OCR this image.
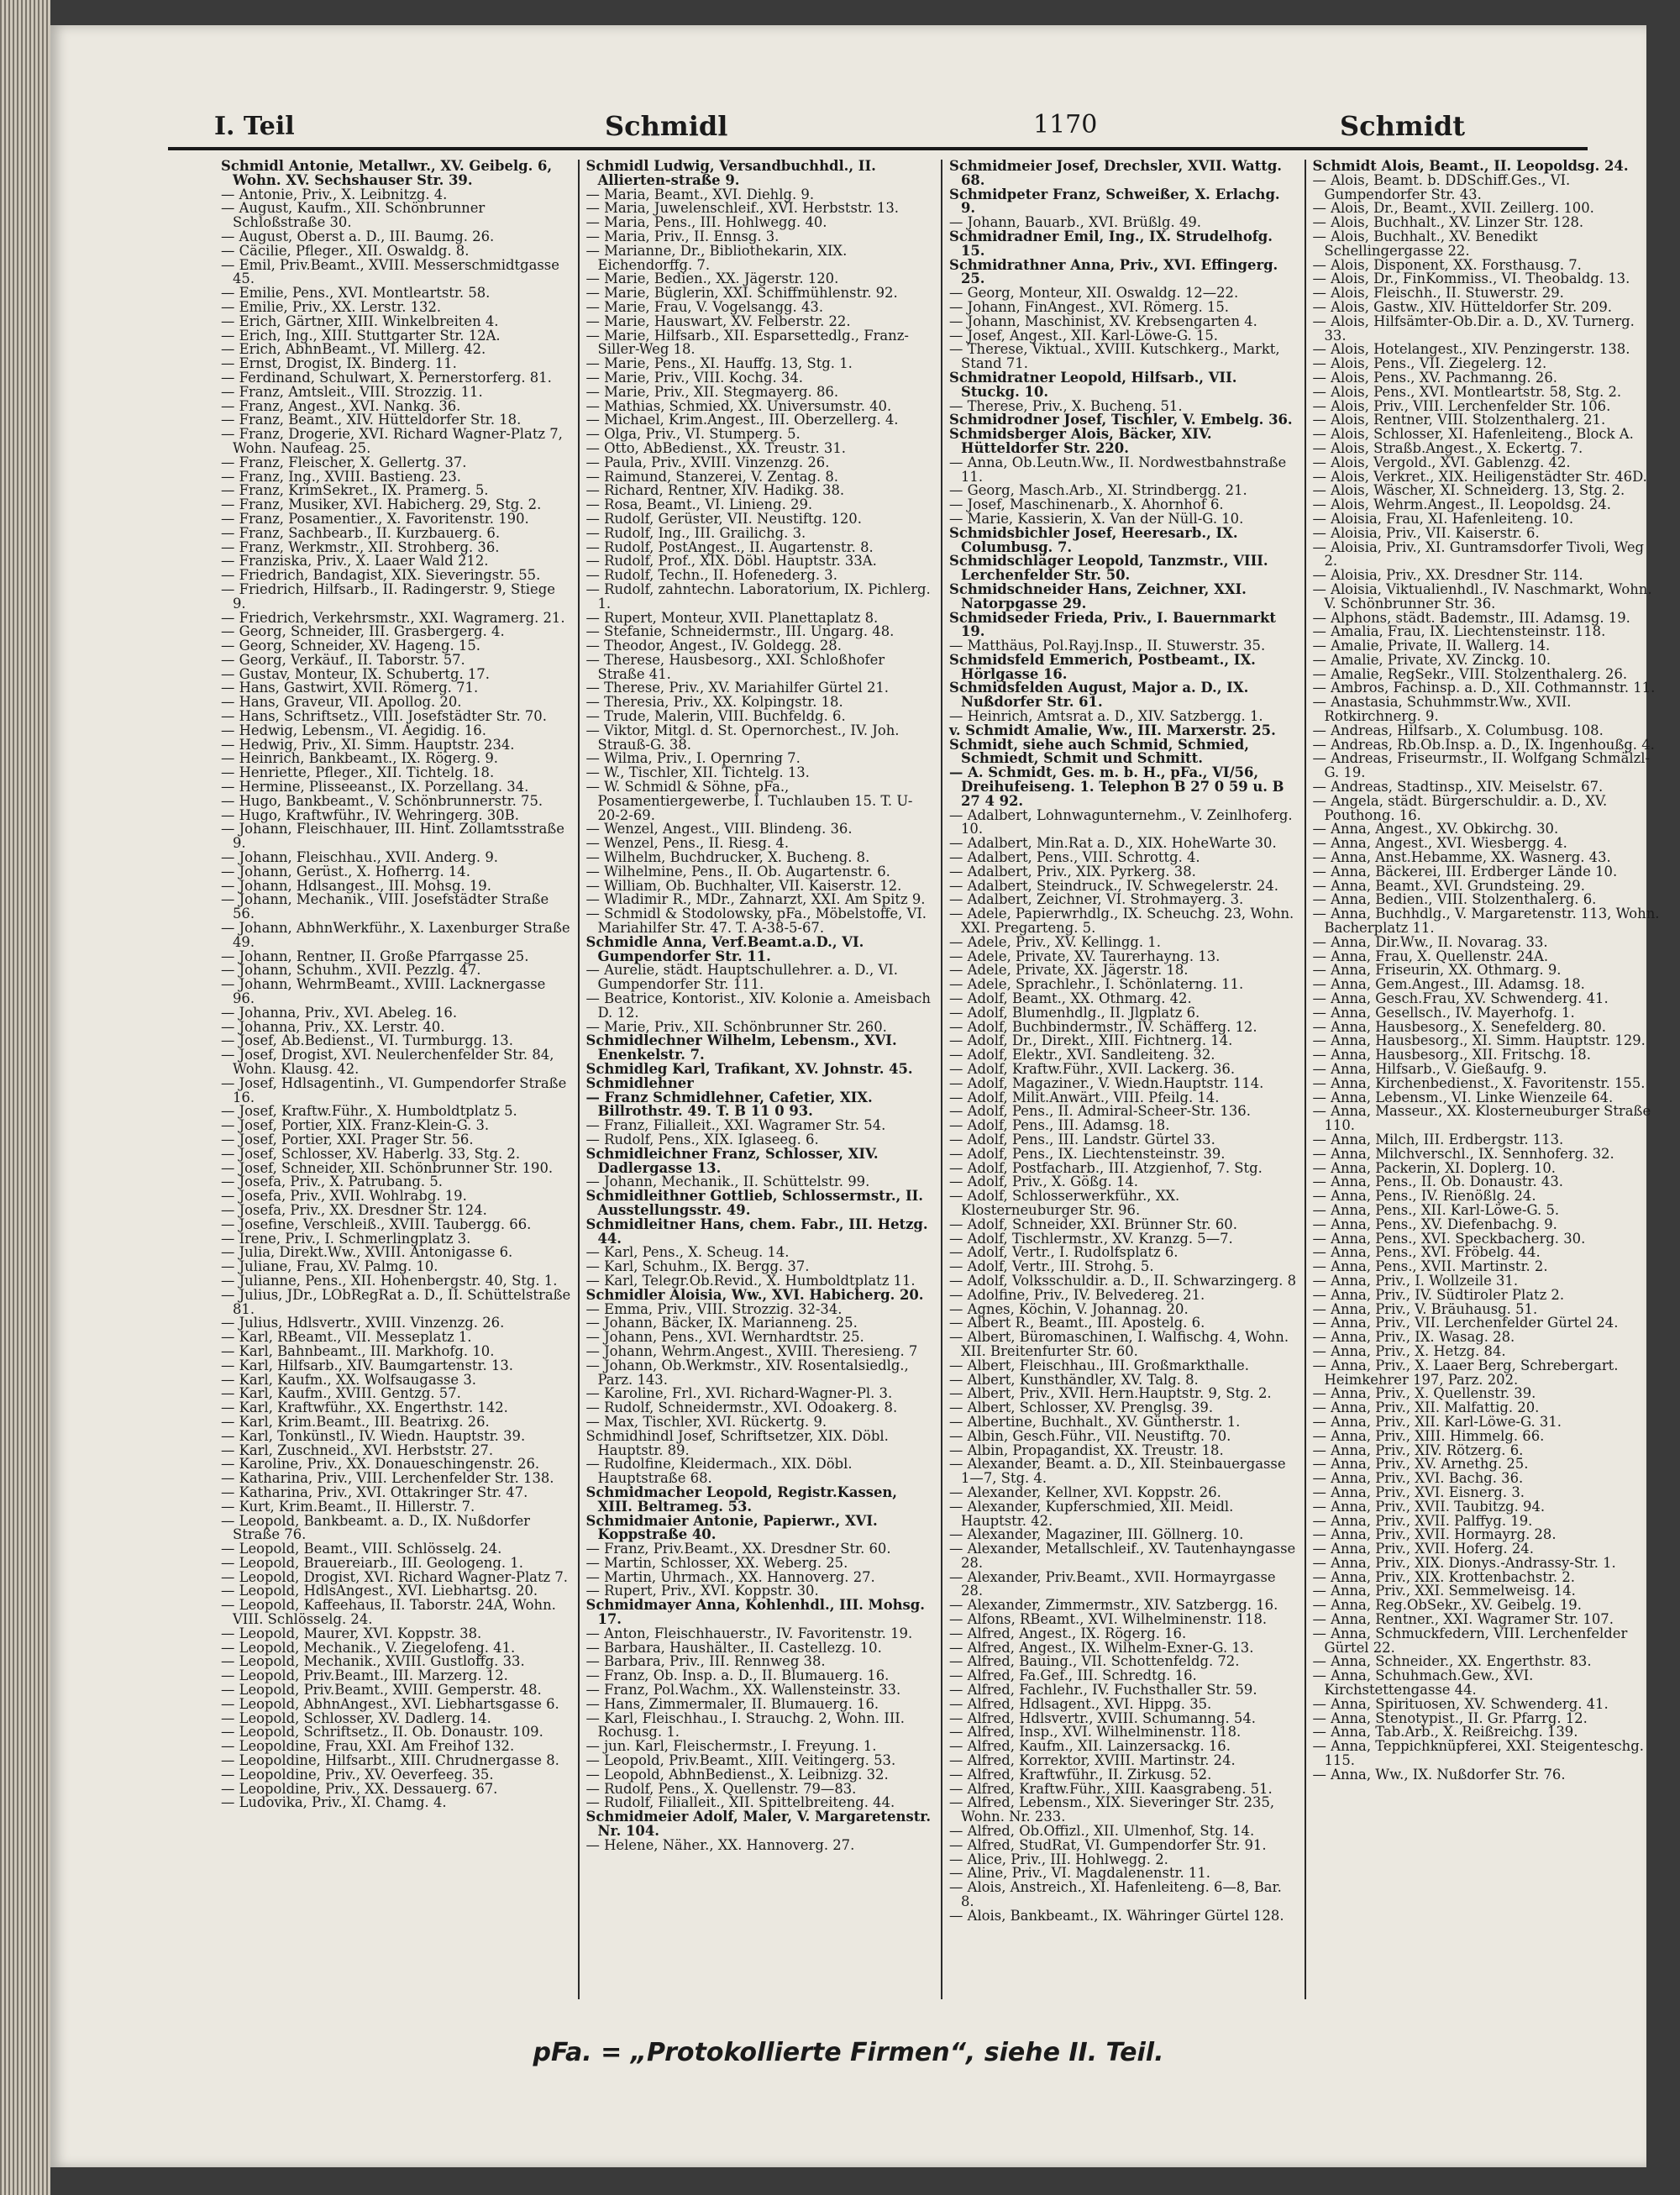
I. Teil	Schmidl	1170	Schmidt

Schmidl Antonie, Metallwr., XV. Geibelg. 6, Wohn. XV. Sechshauser Str. 39.

— Antonie, Priv., X. Leibnitzg. 4.

— August, Kaufm., XII. Schönbrunner Schloßstraße 30.

— August, Oberst a. D., III. Baumg. 26.

— Cäcilie, Pfleger., XII. Oswaldg. 8.

— Emil, Priv.Beamt., XVIII. Messerschmidtgasse 45.

— Emilie, Pens., XVI. Montleartstr. 58.

— Emilie, Priv., XX. Lerstr. 132.

— Erich, Gärtner, XIII. Winkelbreiten 4.

— Erich, Ing., XIII. Stuttgarter Str. 12A.

— Erich, AbhnBeamt., VI. Millerg. 42.

— Ernst, Drogist, IX. Binderg. 11.

— Ferdinand, Schulwart, X. Pernerstorferg. 81.

— Franz, Amtsleit., VIII. Strozzig. 11.

— Franz, Angest., XVI. Nankg. 36.

— Franz, Beamt., XIV. Hütteldorfer Str. 18.

— Franz, Drogerie, XVI. Richard Wagner-Platz 7, Wohn. Naufeag. 25.

— Franz, Fleischer, X. Gellertg. 37.

— Franz, Ing., XVIII. Bastieng. 23.

— Franz, KrimSekret., IX. Pramerg. 5.

— Franz, Musiker, XVI. Habicherg. 29, Stg. 2.

— Franz, Posamentier., X. Favoritenstr. 190.

— Franz, Sachbearb., II. Kurzbauerg. 6.

— Franz, Werkmstr., XII. Strohberg. 36.

— Franziska, Priv., X. Laaer Wald 212.

— Friedrich, Bandagist, XIX. Sieveringstr. 55.

— Friedrich, Hilfsarb., II. Radingerstr. 9, Stiege 9.

— Friedrich, Verkehrsmstr., XXI. Wagramerg. 21.

— Georg, Schneider, III. Grasbergerg. 4.

— Georg, Schneider, XV. Hageng. 15.

— Georg, Verkäuf., II. Taborstr. 57.

— Gustav, Monteur, IX. Schubertg. 17.

— Hans, Gastwirt, XVII. Römerg. 71.

— Hans, Graveur, VII. Apollog. 20.

— Hans, Schriftsetz., VIII. Josefstädter Str. 70.

— Hedwig, Lebensm., VI. Aegidig. 16.

— Hedwig, Priv., XI. Simm. Hauptstr. 234.

— Heinrich, Bankbeamt., IX. Rögerg. 9.

— Henriette, Pfleger., XII. Tichtelg. 18.

— Hermine, Plisseeanst., IX. Porzellang. 34.

— Hugo, Bankbeamt., V. Schönbrunnerstr. 75.

— Hugo, Kraftwführ., IV. Wehringerg. 30B.

— Johann, Fleischhauer, III. Hint. Zollamtsstraße 9.

— Johann, Fleischhau., XVII. Anderg. 9.

— Johann, Gerüst., X. Hofherrg. 14.

— Johann, Hdlsangest., III. Mohsg. 19.

— Johann, Mechanik., VIII. Josefstädter Straße 56.

— Johann, AbhnWerkführ., X. Laxenburger Straße 49.

— Johann, Rentner, II. Große Pfarrgasse 25.

— Johann, Schuhm., XVII. Pezzlg. 47.

— Johann, WehrmBeamt., XVIII. Lacknergasse 96.

— Johanna, Priv., XVI. Abeleg. 16.

— Johanna, Priv., XX. Lerstr. 40.

— Josef, Ab.Bedienst., VI. Turmburgg. 13.

— Josef, Drogist, XVI. Neulerchenfelder Str. 84, Wohn. Klausg. 42.

— Josef, Hdlsagentinh., VI. Gumpendorfer Straße 16.

— Josef, Kraftw.Führ., X. Humboldtplatz 5.

— Josef, Portier, XIX. Franz-Klein-G. 3.

— Josef, Portier, XXI. Prager Str. 56.

— Josef, Schlosser, XV. Haberlg. 33, Stg. 2.

— Josef, Schneider, XII. Schönbrunner Str. 190.

— Josefa, Priv., X. Patrubang. 5.

— Josefa, Priv., XVII. Wohlrabg. 19.

— Josefa, Priv., XX. Dresdner Str. 124.

— Josefine, Verschleiß., XVIII. Taubergg. 66.

— Irene, Priv., I. Schmerlingplatz 3.

— Julia, Direkt.Ww., XVIII. Antonigasse 6.

— Juliane, Frau, XV. Palmg. 10.

— Julianne, Pens., XII. Hohenbergstr. 40, Stg. 1.

— Julius, JDr., LObRegRat a. D., II. Schüttelstraße 81.

— Julius, Hdlsvertr., XVIII. Vinzenzg. 26.

— Karl, RBeamt., VII. Messeplatz 1.

— Karl, Bahnbeamt., III. Markhofg. 10.

— Karl, Hilfsarb., XIV. Baumgartenstr. 13.

— Karl, Kaufm., XX. Wolfsaugasse 3.

— Karl, Kaufm., XVIII. Gentzg. 57.

— Karl, Kraftwführ., XX. Engerthstr. 142.

— Karl, Krim.Beamt., III. Beatrixg. 26.

— Karl, Tonkünstl., IV. Wiedn. Hauptstr. 39.

— Karl, Zuschneid., XVI. Herbststr. 27.

— Karoline, Priv., XX. Donaueschingenstr. 26.

— Katharina, Priv., VIII. Lerchenfelder Str. 138.

— Katharina, Priv., XVI. Ottakringer Str. 47.

— Kurt, Krim.Beamt., II. Hillerstr. 7.

— Leopold, Bankbeamt. a. D., IX. Nußdorfer Straße 76.

— Leopold, Beamt., VIII. Schlösselg. 24.

— Leopold, Brauereiarb., III. Geologeng. 1.

— Leopold, Drogist, XVI. Richard Wagner-Platz 7.

— Leopold, HdlsAngest., XVI. Liebhartsg. 20.

— Leopold, Kaffeehaus, II. Taborstr. 24A, Wohn. VIII. Schlösselg. 24.

— Leopold, Maurer, XVI. Koppstr. 38.

— Leopold, Mechanik., V. Ziegelofeng. 41.

— Leopold, Mechanik., XVIII. Gustloffg. 33.

— Leopold, Priv.Beamt., III. Marzerg. 12.

— Leopold, Priv.Beamt., XVIII. Gemperstr. 48.

— Leopold, AbhnAngest., XVI. Liebhartsgasse 6.

— Leopold, Schlosser, XV. Dadlerg. 14.

— Leopold, Schriftsetz., II. Ob. Donaustr. 109.

— Leopoldine, Frau, XXI. Am Freihof 132.

— Leopoldine, Hilfsarbt., XIII. Chrudnergasse 8.

— Leopoldine, Priv., XV. Oeverfeeg. 35.

— Leopoldine, Priv., XX. Dessauerg. 67.

— Ludovika, Priv., XI. Chamg. 4.

Schmidl Ludwig, Versandbuchhdl., II. Allierten-straße 9.

— Maria, Beamt., XVI. Diehlg. 9.

— Maria, Juwelenschleif., XVI. Herbststr. 13.

— Maria, Pens., III. Hohlwegg. 40.

— Maria, Priv., II. Ennsg. 3.

— Marianne, Dr., Bibliothekarin, XIX. Eichendorffg. 7.

— Marie, Bedien., XX. Jägerstr. 120.

— Marie, Büglerin, XXI. Schiffmühlenstr. 92.

— Marie, Frau, V. Vogelsangg. 43.

— Marie, Hauswart, XV. Felberstr. 22.

— Marie, Hilfsarb., XII. Esparsettedlg., Franz-Siller-Weg 18.

— Marie, Pens., XI. Hauffg. 13, Stg. 1.

— Marie, Priv., VIII. Kochg. 34.

— Marie, Priv., XII. Stegmayerg. 86.

— Mathias, Schmied, XX. Universumstr. 40.

— Michael, Krim.Angest., III. Oberzellerg. 4.

— Olga, Priv., VI. Stumperg. 5.

— Otto, AbBedienst., XX. Treustr. 31.

— Paula, Priv., XVIII. Vinzenzg. 26.

— Raimund, Stanzerei, V. Zentag. 8.

— Richard, Rentner, XIV. Hadikg. 38.

— Rosa, Beamt., VI. Linieng. 29.

— Rudolf, Gerüster, VII. Neustiftg. 120.

— Rudolf, Ing., III. Grailichg. 3.

— Rudolf, PostAngest., II. Augartenstr. 8.

— Rudolf, Prof., XIX. Döbl. Hauptstr. 33A.

— Rudolf, Techn., II. Hofenederg. 3.

— Rudolf, zahntechn. Laboratorium, IX. Pichlerg. 1.

— Rupert, Monteur, XVII. Planettaplatz 8.

— Stefanie, Schneidermstr., III. Ungarg. 48.

— Theodor, Angest., IV. Goldegg. 28.

— Therese, Hausbesorg., XXI. Schloßhofer Straße 41.

— Therese, Priv., XV. Mariahilfer Gürtel 21.

— Theresia, Priv., XX. Kolpingstr. 18.

— Trude, Malerin, VIII. Buchfeldg. 6.

— Viktor, Mitgl. d. St. Opernorchest., IV. Joh. Strauß-G. 38.

— Wilma, Priv., I. Opernring 7.

— W., Tischler, XII. Tichtelg. 13.

— W. Schmidl & Söhne, pFa., Posamentiergewerbe, I. Tuchlauben 15. T. U-20-2-69.

— Wenzel, Angest., VIII. Blindeng. 36.

— Wenzel, Pens., II. Riesg. 4.

— Wilhelm, Buchdrucker, X. Bucheng. 8.

— Wilhelmine, Pens., II. Ob. Augartenstr. 6.

— William, Ob. Buchhalter, VII. Kaiserstr. 12.

— Wladimir R., MDr., Zahnarzt, XXI. Am Spitz 9.

— Schmidl & Stodolowsky, pFa., Möbelstoffe, VI. Mariahilfer Str. 47. T. A-38-5-67.

Schmidle Anna, Verf.Beamt.a.D., VI. Gumpendorfer Str. 11.

— Aurelie, städt. Hauptschullehrer. a. D., VI. Gumpendorfer Str. 111.

— Beatrice, Kontorist., XIV. Kolonie a. Ameisbach D. 12.

— Marie, Priv., XII. Schönbrunner Str. 260.

Schmidlechner Wilhelm, Lebensm., XVI. Enenkelstr. 7.

Schmidleg Karl, Trafikant, XV. Johnstr. 45.

Schmidlehner

— Franz Schmidlehner, Cafetier, XIX. Billrothstr. 49. T. B 11 0 93.

— Franz, Filialleit., XXI. Wagramer Str. 54.

— Rudolf, Pens., XIX. Iglaseeg. 6.

Schmidleichner Franz, Schlosser, XIV. Dadlergasse 13.

— Johann, Mechanik., II. Schüttelstr. 99.

Schmidleithner Gottlieb, Schlossermstr., II. Ausstellungsstr. 49.

Schmidleitner Hans, chem. Fabr., III. Hetzg. 44.

— Karl, Pens., X. Scheug. 14.

— Karl, Schuhm., IX. Bergg. 37.

— Karl, Telegr.Ob.Revid., X. Humboldtplatz 11.

Schmidler Aloisia, Ww., XVI. Habicherg. 20.

— Emma, Priv., VIII. Strozzig. 32-34.

— Johann, Bäcker, IX. Marianneng. 25.

— Johann, Pens., XVI. Wernhardtstr. 25.

— Johann, Wehrm.Angest., XVIII. Theresieng. 7

— Johann, Ob.Werkmstr., XIV. Rosentalsiedlg., Parz. 143.

— Karoline, Frl., XVI. Richard-Wagner-Pl. 3.

— Rudolf, Schneidermstr., XVI. Odoakerg. 8.

— Max, Tischler, XVI. Rückertg. 9.

Schmidhindl Josef, Schriftsetzer, XIX. Döbl. Hauptstr. 89.

— Rudolfine, Kleidermach., XIX. Döbl. Hauptstraße 68.

Schmidmacher Leopold, Registr.Kassen, XIII. Beltrameg. 53.

Schmidmaier Antonie, Papierwr., XVI. Koppstraße 40.

— Franz, Priv.Beamt., XX. Dresdner Str. 60.

— Martin, Schlosser, XX. Weberg. 25.

— Martin, Uhrmach., XX. Hannoverg. 27.

— Rupert, Priv., XVI. Koppstr. 30.

Schmidmayer Anna, Kohlenhdl., III. Mohsg. 17.

— Anton, Fleischhauerstr., IV. Favoritenstr. 19.

— Barbara, Haushälter., II. Castellezg. 10.

— Barbara, Priv., III. Rennweg 38.

— Franz, Ob. Insp. a. D., II. Blumauerg. 16.

— Franz, Pol.Wachm., XX. Wallensteinstr. 33.

— Hans, Zimmermaler, II. Blumauerg. 16.

— Karl, Fleischhau., I. Strauchg. 2, Wohn. III. Rochusg. 1.

— jun. Karl, Fleischermstr., I. Freyung. 1.

— Leopold, Priv.Beamt., XIII. Veitingerg. 53.

— Leopold, AbhnBedienst., X. Leibnizg. 32.

— Rudolf, Pens., X. Quellenstr. 79—83.

— Rudolf, Filialleit., XII. Spittelbreiteng. 44.

Schmidmeier Adolf, Maler, V. Margaretenstr. Nr. 104.

— Helene, Näher., XX. Hannoverg. 27.

Schmidmeier Josef, Drechsler, XVII. Wattg. 68.

Schmidpeter Franz, Schweißer, X. Erlachg. 9.

— Johann, Bauarb., XVI. Brüßlg. 49.

Schmidradner Emil, Ing., IX. Strudelhofg. 15.

Schmidrathner Anna, Priv., XVI. Effingerg. 25.

— Georg, Monteur, XII. Oswaldg. 12—22.

— Johann, FinAngest., XVI. Römerg. 15.

— Johann, Maschinist, XV. Krebsengarten 4.

— Josef, Angest., XII. Karl-Löwe-G. 15.

— Therese, Viktual., XVIII. Kutschkerg., Markt, Stand 71.

Schmidratner Leopold, Hilfsarb., VII. Stuckg. 10.

— Therese, Priv., X. Bucheng. 51.

Schmidrodner Josef, Tischler, V. Embelg. 36.

Schmidsberger Alois, Bäcker, XIV. Hütteldorfer Str. 220.

— Anna, Ob.Leutn.Ww., II. Nordwestbahnstraße 11.

— Georg, Masch.Arb., XI. Strindbergg. 21.

— Josef, Maschinenarb., X. Ahornhof 6.

— Marie, Kassierin, X. Van der Nüll-G. 10.

Schmidsbichler Josef, Heeresarb., IX. Columbusg. 7.

Schmidschläger Leopold, Tanzmstr., VIII. Lerchenfelder Str. 50.

Schmidschneider Hans, Zeichner, XXI. Natorpgasse 29.

Schmidseder Frieda, Priv., I. Bauernmarkt 19.

— Matthäus, Pol.Rayj.Insp., II. Stuwerstr. 35.

Schmidsfeld Emmerich, Postbeamt., IX. Hörlgasse 16.

Schmidsfelden August, Major a. D., IX. Nußdorfer Str. 61.

— Heinrich, Amtsrat a. D., XIV. Satzbergg. 1.

v. Schmidt Amalie, Ww., III. Marxerstr. 25.

Schmidt, siehe auch Schmid, Schmied, Schmiedt, Schmit und Schmitt.

— A. Schmidt, Ges. m. b. H., pFa., VI/56, Dreihufeiseng. 1. Telephon B 27 0 59 u. B 27 4 92.

— Adalbert, Lohnwagunternehm., V. Zeinlhoferg. 10.

— Adalbert, Min.Rat a. D., XIX. HoheWarte 30.

— Adalbert, Pens., VIII. Schrottg. 4.

— Adalbert, Priv., XIX. Pyrkerg. 38.

— Adalbert, Steindruck., IV. Schwegelerstr. 24.

— Adalbert, Zeichner, VI. Strohmayerg. 3.

— Adele, Papierwrhdlg., IX. Scheuchg. 23, Wohn. XXI. Pregarteng. 5.

— Adele, Priv., XV. Kellingg. 1.

— Adele, Private, XV. Taurerhayng. 13.

— Adele, Private, XX. Jägerstr. 18.

— Adele, Sprachlehr., I. Schönlaterng. 11.

— Adolf, Beamt., XX. Othmarg. 42.

— Adolf, Blumenhdlg., II. Jlgplatz 6.

— Adolf, Buchbindermstr., IV. Schäfferg. 12.

— Adolf, Dr., Direkt., XIII. Fichtnerg. 14.

— Adolf, Elektr., XVI. Sandleiteng. 32.

— Adolf, Kraftw.Führ., XVII. Lackerg. 36.

— Adolf, Magaziner., V. Wiedn.Hauptstr. 114.

— Adolf, Milit.Anwärt., VIII. Pfeilg. 14.

— Adolf, Pens., II. Admiral-Scheer-Str. 136.

— Adolf, Pens., III. Adamsg. 18.

— Adolf, Pens., III. Landstr. Gürtel 33.

— Adolf, Pens., IX. Liechtensteinstr. 39.

— Adolf, Postfacharb., III. Atzgienhof, 7. Stg.

— Adolf, Priv., X. Gößg. 14.

— Adolf, Schlosserwerkführ., XX. Klosterneuburger Str. 96.

— Adolf, Schneider, XXI. Brünner Str. 60.

— Adolf, Tischlermstr., XV. Kranzg. 5—7.

— Adolf, Vertr., I. Rudolfsplatz 6.

— Adolf, Vertr., III. Strohg. 5.

— Adolf, Volksschuldir. a. D., II. Schwarzingerg. 8

— Adolfine, Priv., IV. Belvedereg. 21.

— Agnes, Köchin, V. Johannag. 20.

— Albert R., Beamt., III. Apostelg. 6.

— Albert, Büromaschinen, I. Walfischg. 4, Wohn. XII. Breitenfurter Str. 60.

— Albert, Fleischhau., III. Großmarkthalle.

— Albert, Kunsthändler, XV. Talg. 8.

— Albert, Priv., XVII. Hern.Hauptstr. 9, Stg. 2.

— Albert, Schlosser, XV. Prenglsg. 39.

— Albertine, Buchhalt., XV. Güntherstr. 1.

— Albin, Gesch.Führ., VII. Neustiftg. 70.

— Albin, Propagandist, XX. Treustr. 18.

— Alexander, Beamt. a. D., XII. Steinbauergasse 1—7, Stg. 4.

— Alexander, Kellner, XVI. Koppstr. 26.

— Alexander, Kupferschmied, XII. Meidl. Hauptstr. 42.

— Alexander, Magaziner, III. Göllnerg. 10.

— Alexander, Metallschleif., XV. Tautenhayngasse 28.

— Alexander, Priv.Beamt., XVII. Hormayrgasse 28.

— Alexander, Zimmermstr., XIV. Satzbergg. 16.

— Alfons, RBeamt., XVI. Wilhelminenstr. 118.

— Alfred, Angest., IX. Rögerg. 16.

— Alfred, Angest., IX. Wilhelm-Exner-G. 13.

— Alfred, Bauing., VII. Schottenfeldg. 72.

— Alfred, Fa.Gef., III. Schredtg. 16.

— Alfred, Fachlehr., IV. Fuchsthaller Str. 59.

— Alfred, Hdlsagent., XVI. Hippg. 35.

— Alfred, Hdlsvertr., XVIII. Schumanng. 54.

— Alfred, Insp., XVI. Wilhelminenstr. 118.

— Alfred, Kaufm., XII. Lainzersackg. 16.

— Alfred, Korrektor, XVIII. Martinstr. 24.

— Alfred, Kraftwführ., II. Zirkusg. 52.

— Alfred, Kraftw.Führ., XIII. Kaasgrabeng. 51.

— Alfred, Lebensm., XIX. Sieveringer Str. 235, Wohn. Nr. 233.

— Alfred, Ob.Offizl., XII. Ulmenhof, Stg. 14.

— Alfred, StudRat, VI. Gumpendorfer Str. 91.

— Alice, Priv., III. Hohlwegg. 2.

— Aline, Priv., VI. Magdalenenstr. 11.

— Alois, Anstreich., XI. Hafenleiteng. 6—8, Bar. 8.

— Alois, Bankbeamt., IX. Währinger Gürtel 128.

Schmidt Alois, Beamt., II. Leopoldsg. 24.

— Alois, Beamt. b. DDSchiff.Ges., VI. Gumpendorfer Str. 43.

— Alois, Dr., Beamt., XVII. Zeillerg. 100.

— Alois, Buchhalt., XV. Linzer Str. 128.

— Alois, Buchhalt., XV. Benedikt Schellingergasse 22.

— Alois, Disponent, XX. Forsthausg. 7.

— Alois, Dr., FinKommiss., VI. Theobaldg. 13.

— Alois, Fleischh., II. Stuwerstr. 29.

— Alois, Gastw., XIV. Hütteldorfer Str. 209.

— Alois, Hilfsämter-Ob.Dir. a. D., XV. Turnerg. 33.

— Alois, Hotelangest., XIV. Penzingerstr. 138.

— Alois, Pens., VII. Ziegelerg. 12.

— Alois, Pens., XV. Pachmanng. 26.

— Alois, Pens., XVI. Montleartstr. 58, Stg. 2.

— Alois, Priv., VIII. Lerchenfelder Str. 106.

— Alois, Rentner, VIII. Stolzenthalerg. 21.

— Alois, Schlosser, XI. Hafenleiteng., Block A.

— Alois, Straßb.Angest., X. Eckertg. 7.

— Alois, Vergold., XVI. Gablenzg. 42.

— Alois, Verkret., XIX. Heiligenstädter Str. 46D.

— Alois, Wäscher, XI. Schneiderg. 13, Stg. 2.

— Alois, Wehrm.Angest., II. Leopoldsg. 24.

— Aloisia, Frau, XI. Hafenleiteng. 10.

— Aloisia, Priv., VII. Kaiserstr. 6.

— Aloisia, Priv., XI. Guntramsdorfer Tivoli, Weg 2.

— Aloisia, Priv., XX. Dresdner Str. 114.

— Aloisia, Viktualienhdl., IV. Naschmarkt, Wohn. V. Schönbrunner Str. 36.

— Alphons, städt. Bademstr., III. Adamsg. 19.

— Amalia, Frau, IX. Liechtensteinstr. 118.

— Amalie, Private, II. Wallerg. 14.

— Amalie, Private, XV. Zinckg. 10.

— Amalie, RegSekr., VIII. Stolzenthalerg. 26.

— Ambros, Fachinsp. a. D., XII. Cothmannstr. 11.

— Anastasia, Schuhmmstr.Ww., XVII. Rotkirchnerg. 9.

— Andreas, Hilfsarb., X. Columbusg. 108.

— Andreas, Rb.Ob.Insp. a. D., IX. Ingenhoußg. 4.

— Andreas, Friseurmstr., II. Wolfgang Schmälzl-G. 19.

— Andreas, Stadtinsp., XIV. Meiselstr. 67.

— Angela, städt. Bürgerschuldir. a. D., XV. Pouthong. 16.

— Anna, Angest., XV. Obkirchg. 30.

— Anna, Angest., XVI. Wiesbergg. 4.

— Anna, Anst.Hebamme, XX. Wasnerg. 43.

— Anna, Bäckerei, III. Erdberger Lände 10.

— Anna, Beamt., XVI. Grundsteing. 29.

— Anna, Bedien., VIII. Stolzenthalerg. 6.

— Anna, Buchhdlg., V. Margaretenstr. 113, Wohn. Bacherplatz 11.

— Anna, Dir.Ww., II. Novarag. 33.

— Anna, Frau, X. Quellenstr. 24A.

— Anna, Friseurin, XX. Othmarg. 9.

— Anna, Gem.Angest., III. Adamsg. 18.

— Anna, Gesch.Frau, XV. Schwenderg. 41.

— Anna, Gesellsch., IV. Mayerhofg. 1.

— Anna, Hausbesorg., X. Senefelderg. 80.

— Anna, Hausbesorg., XI. Simm. Hauptstr. 129.

— Anna, Hausbesorg., XII. Fritschg. 18.

— Anna, Hilfsarb., V. Gießaufg. 9.

— Anna, Kirchenbedienst., X. Favoritenstr. 155.

— Anna, Lebensm., VI. Linke Wienzeile 64.

— Anna, Masseur., XX. Klosterneuburger Straße 110.

— Anna, Milch, III. Erdbergstr. 113.

— Anna, Milchverschl., IX. Sennhoferg. 32.

— Anna, Packerin, XI. Doplerg. 10.

— Anna, Pens., II. Ob. Donaustr. 43.

— Anna, Pens., IV. Rienößlg. 24.

— Anna, Pens., XII. Karl-Löwe-G. 5.

— Anna, Pens., XV. Diefenbachg. 9.

— Anna, Pens., XVI. Speckbacherg. 30.

— Anna, Pens., XVI. Fröbelg. 44.

— Anna, Pens., XVII. Martinstr. 2.

— Anna, Priv., I. Wollzeile 31.

— Anna, Priv., IV. Südtiroler Platz 2.

— Anna, Priv., V. Bräuhausg. 51.

— Anna, Priv., VII. Lerchenfelder Gürtel 24.

— Anna, Priv., IX. Wasag. 28.

— Anna, Priv., X. Hetzg. 84.

— Anna, Priv., X. Laaer Berg, Schrebergart. Heimkehrer 197, Parz. 202.

— Anna, Priv., X. Quellenstr. 39.

— Anna, Priv., XII. Malfattig. 20.

— Anna, Priv., XII. Karl-Löwe-G. 31.

— Anna, Priv., XIII. Himmelg. 66.

— Anna, Priv., XIV. Rötzerg. 6.

— Anna, Priv., XV. Arnethg. 25.

— Anna, Priv., XVI. Bachg. 36.

— Anna, Priv., XVI. Eisnerg. 3.

— Anna, Priv., XVII. Taubitzg. 94.

— Anna, Priv., XVII. Palffyg. 19.

— Anna, Priv., XVII. Hormayrg. 28.

— Anna, Priv., XVII. Hoferg. 24.

— Anna, Priv., XIX. Dionys.-Andrassy-Str. 1.

— Anna, Priv., XIX. Krottenbachstr. 2.

— Anna, Priv., XXI. Semmelweisg. 14.

— Anna, Reg.ObSekr., XV. Geibelg. 19.

— Anna, Rentner., XXI. Wagramer Str. 107.

— Anna, Schmuckfedern, VIII. Lerchenfelder Gürtel 22.

— Anna, Schneider., XX. Engerthstr. 83.

— Anna, Schuhmach.Gew., XVI. Kirchstettengasse 44.

— Anna, Spirituosen, XV. Schwenderg. 41.

— Anna, Stenotypist., II. Gr. Pfarrg. 12.

— Anna, Tab.Arb., X. Reißreichg. 139.

— Anna, Teppichknüpferei, XXI. Steigenteschg. 115.

— Anna, Ww., IX. Nußdorfer Str. 76.

pFa. = „Protokollierte Firmen“, siehe II. Teil.
